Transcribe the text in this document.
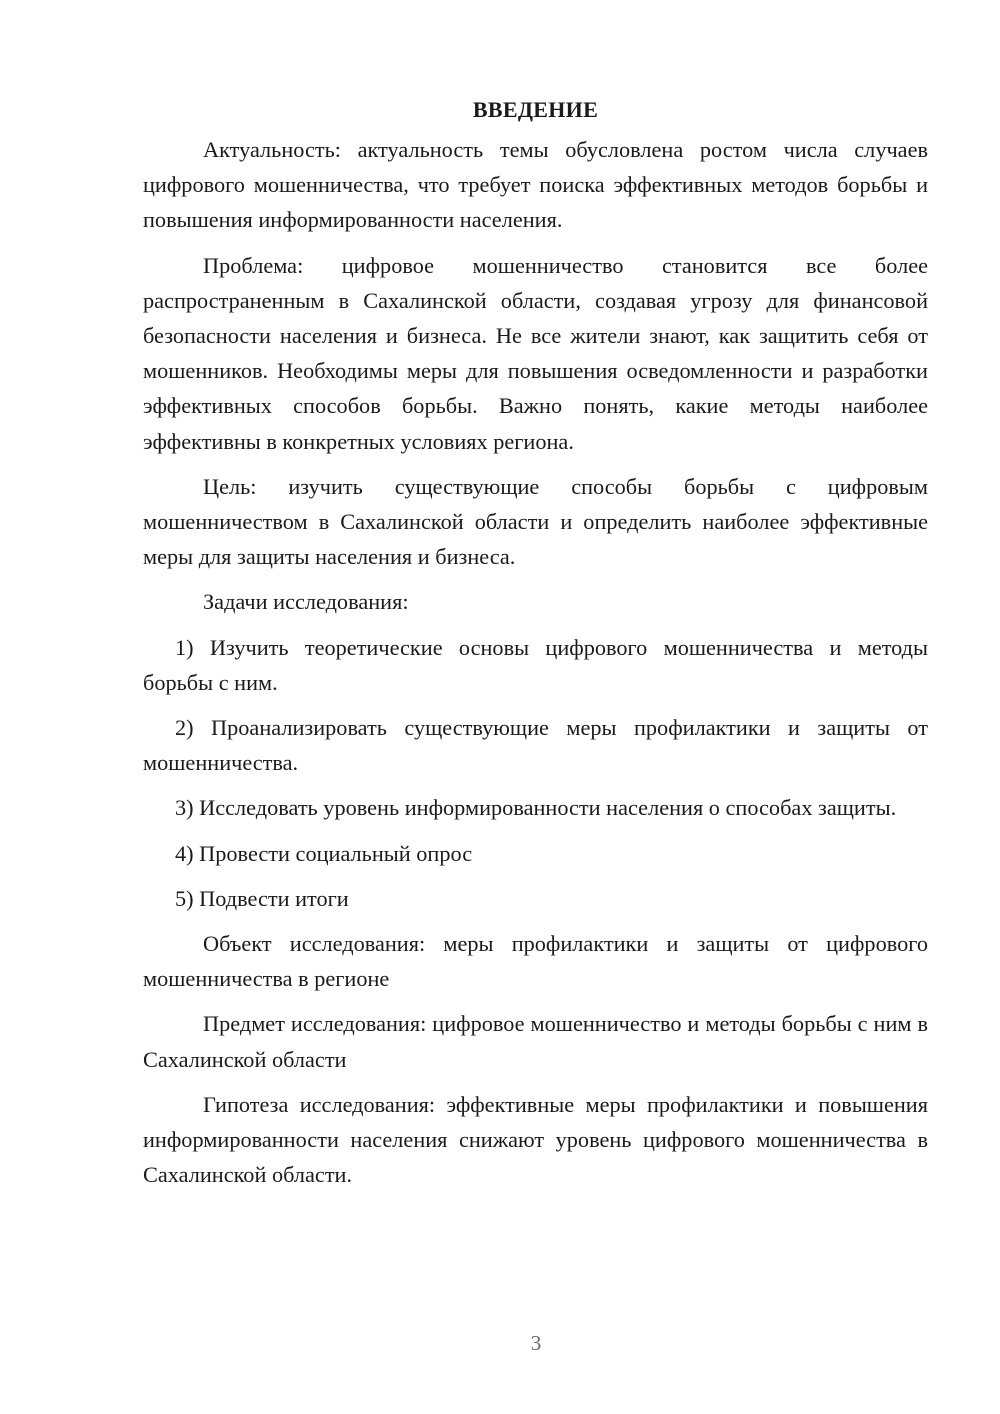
ВВЕДЕНИЕ

Актуальность: актуальность темы обусловлена ростом числа случаев цифрового мошенничества, что требует поиска эффективных методов борьбы и повышения информированности населения.

Проблема: цифровое мошенничество становится все более распространенным в Сахалинской области, создавая угрозу для финансовой безопасности населения и бизнеса. Не все жители знают, как защитить себя от мошенников. Необходимы меры для повышения осведомленности и разработки эффективных способов борьбы. Важно понять, какие методы наиболее эффективны в конкретных условиях региона.

Цель: изучить существующие способы борьбы с цифровым мошенничеством в Сахалинской области и определить наиболее эффективные меры для защиты населения и бизнеса.

Задачи исследования:

1) Изучить теоретические основы цифрового мошенничества и методы борьбы с ним.

2) Проанализировать существующие меры профилактики и защиты от мошенничества.

3) Исследовать уровень информированности населения о способах защиты.

4) Провести социальный опрос

5) Подвести итоги

Объект исследования: меры профилактики и защиты от цифрового мошенничества в регионе

Предмет исследования: цифровое мошенничество и методы борьбы с ним в Сахалинской области

Гипотеза исследования: эффективные меры профилактики и повышения информированности населения снижают уровень цифрового мошенничества в Сахалинской области.

3
